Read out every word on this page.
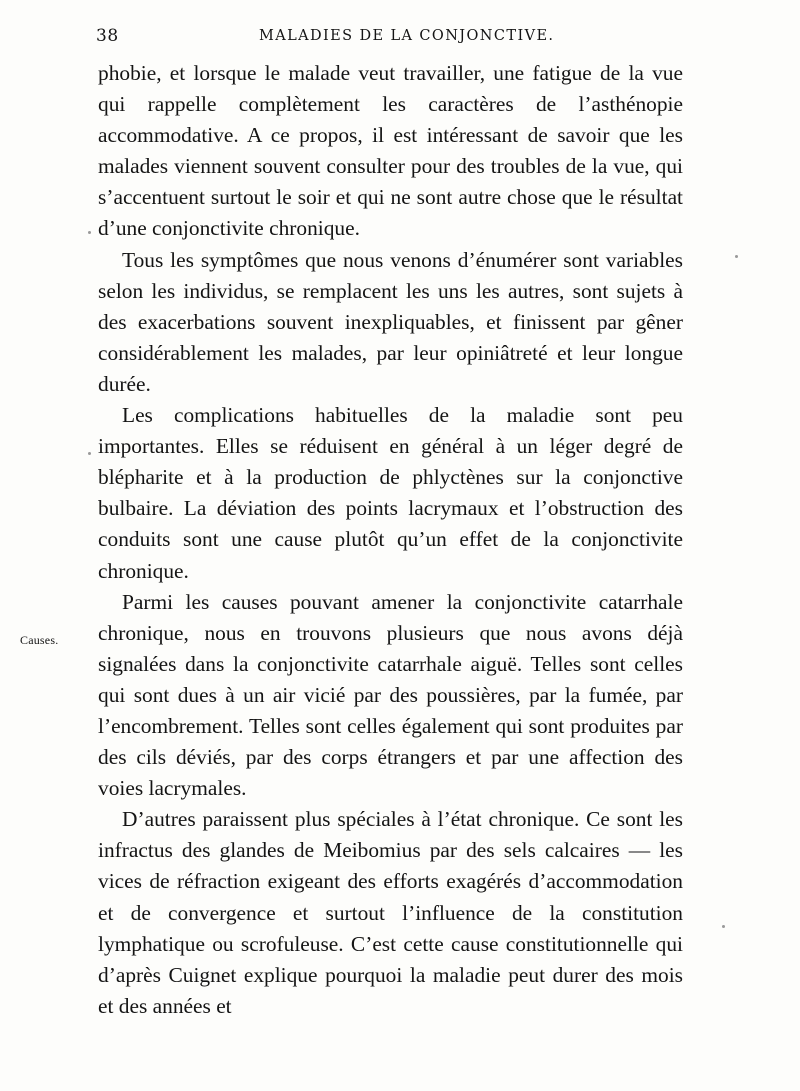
38	MALADIES DE LA CONJONCTIVE.
Causes.

phobie, et lorsque le malade veut travailler, une fatigue de la vue qui rappelle complètement les caractères de l’asthénopie accommodative. A ce propos, il est intéressant de savoir que les malades viennent souvent consulter pour des troubles de la vue, qui s’accentuent surtout le soir et qui ne sont autre chose que le résultat d’une conjonctivite chronique.

Tous les symptômes que nous venons d’énumérer sont variables selon les individus, se remplacent les uns les autres, sont sujets à des exacerbations souvent inexpliquables, et finissent par gêner considérablement les malades, par leur opiniâtreté et leur longue durée.

Les complications habituelles de la maladie sont peu importantes. Elles se réduisent en général à un léger degré de blépharite et à la production de phlyctènes sur la conjonctive bulbaire. La déviation des points lacrymaux et l’obstruction des conduits sont une cause plutôt qu’un effet de la conjonctivite chronique.

Parmi les causes pouvant amener la conjonctivite catarrhale chronique, nous en trouvons plusieurs que nous avons déjà signalées dans la conjonctivite catarrhale aiguë. Telles sont celles qui sont dues à un air vicié par des poussières, par la fumée, par l’encombrement. Telles sont celles également qui sont produites par des cils déviés, par des corps étrangers et par une affection des voies lacrymales.

D’autres paraissent plus spéciales à l’état chronique. Ce sont les infractus des glandes de Meibomius par des sels calcaires — les vices de réfraction exigeant des efforts exagérés d’accommodation et de convergence et surtout l’influence de la constitution lymphatique ou scrofuleuse. C’est cette cause constitutionnelle qui d’après Cuignet explique pourquoi la maladie peut durer des mois et des années et
